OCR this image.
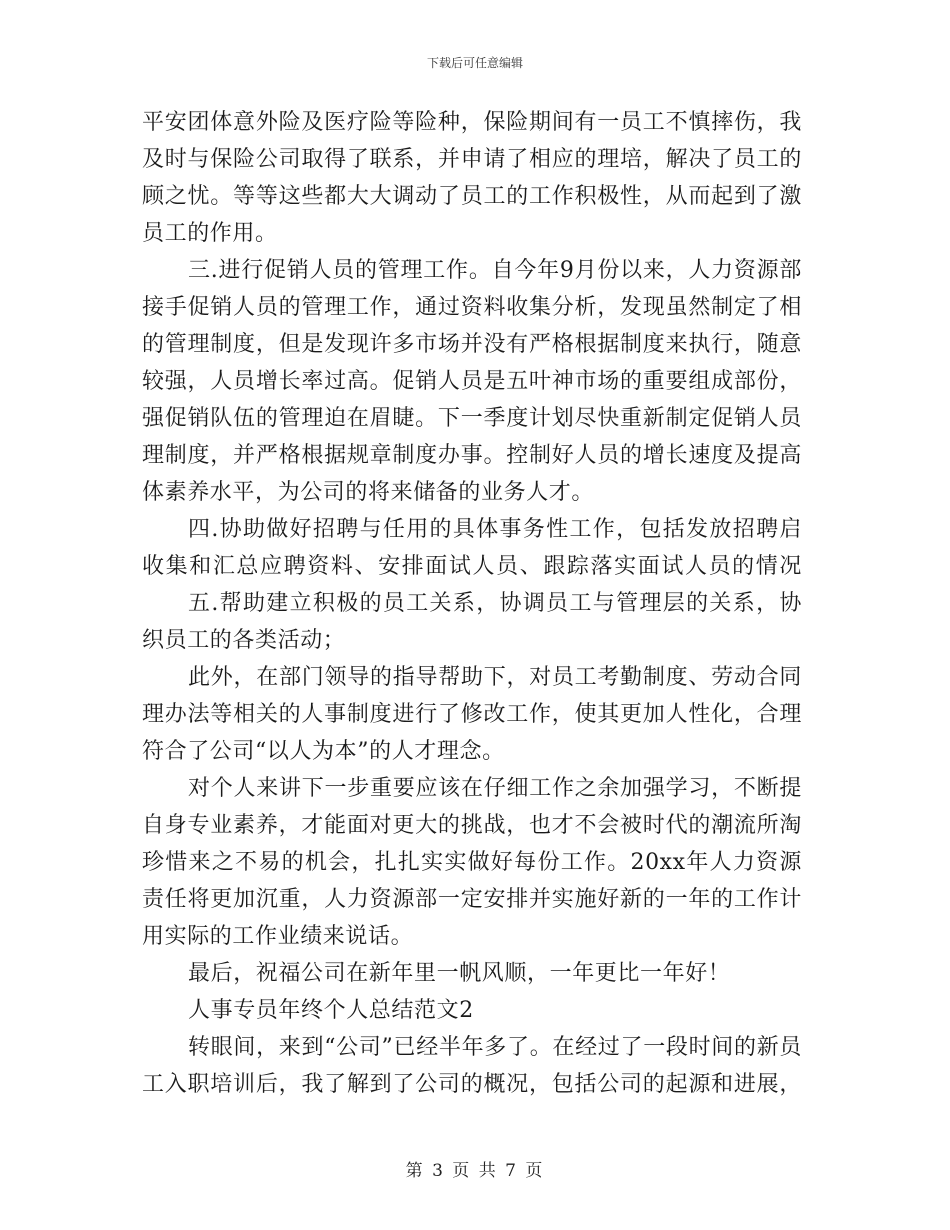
下载后可任意编辑
平安团体意外险及医疗险等险种，保险期间有一员工不慎摔伤，我
及时与保险公司取得了联系，并申请了相应的理培，解决了员工的
顾之忧。等等这些都大大调动了员工的工作积极性，从而起到了激
员工的作用。
三.进行促销人员的管理工作。自今年9月份以来，人力资源部
接手促销人员的管理工作，通过资料收集分析，发现虽然制定了相
的管理制度，但是发现许多市场并没有严格根据制度来执行，随意
较强，人员增长率过高。促销人员是五叶神市场的重要组成部份，
强促销队伍的管理迫在眉睫。下一季度计划尽快重新制定促销人员
理制度，并严格根据规章制度办事。控制好人员的增长速度及提高
体素养水平，为公司的将来储备的业务人才。
四.协助做好招聘与任用的具体事务性工作，包括发放招聘启
收集和汇总应聘资料、安排面试人员、跟踪落实面试人员的情况
五.帮助建立积极的员工关系，协调员工与管理层的关系，协
织员工的各类活动；
此外，在部门领导的指导帮助下，对员工考勤制度、劳动合同
理办法等相关的人事制度进行了修改工作，使其更加人性化，合理
符合了公司“以人为本”的人才理念。
对个人来讲下一步重要应该在仔细工作之余加强学习，不断提
自身专业素养，才能面对更大的挑战，也才不会被时代的潮流所淘
珍惜来之不易的机会，扎扎实实做好每份工作。20xx年人力资源
责任将更加沉重，人力资源部一定安排并实施好新的一年的工作计
用实际的工作业绩来说话。
最后，祝福公司在新年里一帆风顺，一年更比一年好！
人事专员年终个人总结范文2
转眼间，来到“公司”已经半年多了。在经过了一段时间的新员
工入职培训后，我了解到了公司的概况，包括公司的起源和进展，
第 3 页 共 7 页
